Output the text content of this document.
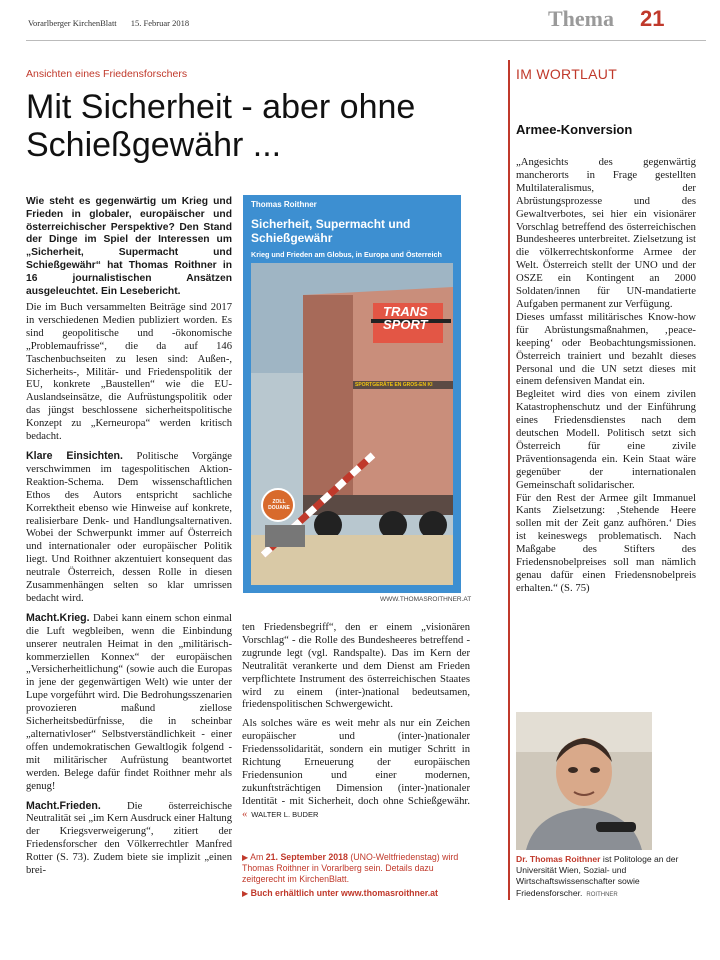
Vorarlberger KirchenBlatt 15. Februar 2018	Thema 21
Ansichten eines Friedensforschers
Mit Sicherheit - aber ohne Schießgewähr ...
Wie steht es gegenwärtig um Krieg und Frieden in globaler, europäischer und österreichischer Perspektive? Den Stand der Dinge im Spiel der Interessen um „Sicherheit, Supermacht und Schießgewähr“ hat Thomas Roithner in 16 journalistischen Ansätzen ausgeleuchtet. Ein Lesebericht.

Die im Buch versammelten Beiträge sind 2017 in verschiedenen Medien publiziert worden. Es sind geopolitische und -ökonomische „Problemaufrisse“, die da auf 146 Taschenbuchseiten zu lesen sind: Außen-, Sicherheits-, Militär- und Friedenspolitik der EU, konkrete „Baustellen“ wie die EU-Auslandseinsätze, die Aufrüstungspolitik oder das jüngst beschlossene sicherheitspolitische Konzept zu „Kerneuropa“ werden kritisch bedacht.

Klare Einsichten. Politische Vorgänge verschwimmen im tagespolitischen Aktion-Reaktion-Schema. Dem wissenschaftlichen Ethos des Autors entspricht sachliche Korrektheit ebenso wie Hinweise auf konkrete, realisierbare Denk- und Handlungsalternativen. Wobei der Schwerpunkt immer auf Österreich und internationaler oder europäischer Politik liegt. Und Roithner akzentuiert konsequent das neutrale Österreich, dessen Rolle in diesen Zusammenhängen selten so klar umrissen bedacht wird.

Macht.Krieg. Dabei kann einem schon einmal die Luft wegbleiben, wenn die Einbindung unserer neutralen Heimat in den „militärisch-kommerziellen Konnex“ der europäischen „Versicherheitlichung“ (sowie auch die Europas in jene der gegenwärtigen Welt) wie unter der Lupe vorgeführt wird. Die Bedrohungsszenarien provozieren maßund ziellose Sicherheitsbedürfnisse, die in scheinbar „alternativloser“ Selbstverständlichkeit - einer offen undemokratischen Gewaltlogik folgend - mit militärischer Aufrüstung beantwortet werden. Belege dafür findet Roithner mehr als genug!

Macht.Frieden. Die österreichische Neutralität sei „im Kern Ausdruck einer Haltung der Kriegsverweigerung“, zitiert der Friedensforscher den Völkerrechtler Manfred Rotter (S. 73). Zudem biete sie implizit „einen brei-

Thomas Roithner
Sicherheit, Supermacht und Schießgewähr
Krieg und Frieden am Globus, in Europa und Österreich
TRANS
SPORT
SPORTGERÄTE EN GROS-EN KI
ZOLL DOUANE
WWW.THOMASROITHNER.AT

ten Friedensbegriff“, den er einem „visionären Vorschlag“ - die Rolle des Bundesheeres betreffend - zugrunde legt (vgl. Randspalte). Das im Kern der Neutralität verankerte und dem Dienst am Frieden verpflichtete Instrument des österreichischen Staates wird zu einem (inter-)national bedeutsamen, friedenspolitischen Schwergewicht.

Als solches wäre es weit mehr als nur ein Zeichen europäischer und (inter-)nationaler Friedenssolidarität, sondern ein mutiger Schritt in Richtung Erneuerung der europäischen Friedensunion und einer modernen, zukunftsträchtigen Dimension (inter-)nationaler Identität - mit Sicherheit, doch ohne Schießgewähr. « WALTER L. BUDER

▶ Am 21. September 2018 (UNO-Weltfriedenstag) wird Thomas Roithner in Vorarlberg sein. Details dazu zeitgerecht im KirchenBlatt.

▶ Buch erhältlich unter www.thomasroithner.at

IM WORTLAUT
Armee-Konversion
„Angesichts des gegenwärtig mancherorts in Frage gestellten Multilateralismus, der Abrüstungsprozesse und des Gewaltverbotes, sei hier ein visionärer Vorschlag betreffend des österreichischen Bundesheeres unterbreitet. Zielsetzung ist die völkerrechtskonforme Armee der Welt. Österreich stellt der UNO und der OSZE ein Kontingent an 2000 Soldaten/innen für UN-mandatierte Aufgaben permanent zur Verfügung.
Dieses umfasst militärisches Know-how für Abrüstungsmaßnahmen, ‚peace-keeping‘ oder Beobachtungsmissionen. Österreich trainiert und bezahlt dieses Personal und die UN setzt dieses mit einem defensiven Mandat ein.
Begleitet wird dies von einem zivilen Katastrophenschutz und der Einführung eines Friedensdienstes nach dem deutschen Modell. Politisch setzt sich Österreich für eine zivile Präventionsagenda ein. Kein Staat wäre gegenüber der internationalen Gemeinschaft solidarischer.
Für den Rest der Armee gilt Immanuel Kants Zielsetzung: ‚Stehende Heere sollen mit der Zeit ganz aufhören.‘ Dies ist keineswegs problematisch. Nach Maßgabe des Stifters des Friedensnobelpreises soll man nämlich genau dafür einen Friedensnobelpreis erhalten.“ (S. 75)
Dr. Thomas Roithner ist Politologe an der Universität Wien, Sozial- und Wirtschaftswissenschafter sowie Friedensforscher. ROITHNER
